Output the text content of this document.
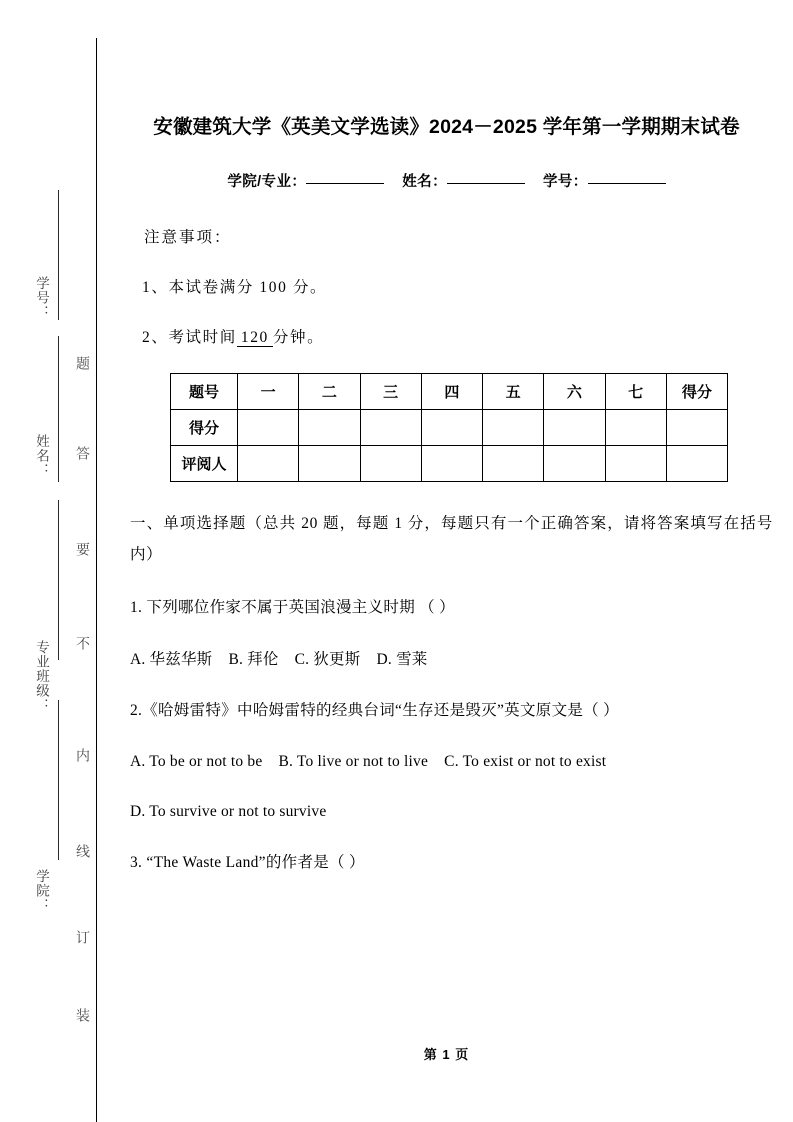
学号：
姓名：
专业班级：
学院：
题
答
要
不
内
线
订
装
安徽建筑大学《英美文学选读》2024－2025 学年第一学期期末试卷
学院/专业：	姓名：	学号：
注意事项：
1、本试卷满分 100 分。
2、考试时间 120 分钟。
题号	一	二	三	四	五	六	七	得分
得分								
评阅人								
一、单项选择题（总共 20 题，每题 1 分，每题只有一个正确答案，请将答案填写在括号内）
1. 下列哪位作家不属于英国浪漫主义时期 （ ）
A. 华兹华斯 B. 拜伦 C. 狄更斯 D. 雪莱
2.《哈姆雷特》中哈姆雷特的经典台词“生存还是毁灭”英文原文是（ ）
A. To be or not to be B. To live or not to live C. To exist or not to exist
D. To survive or not to survive
3. “The Waste Land”的作者是（ ）
第 1 页
